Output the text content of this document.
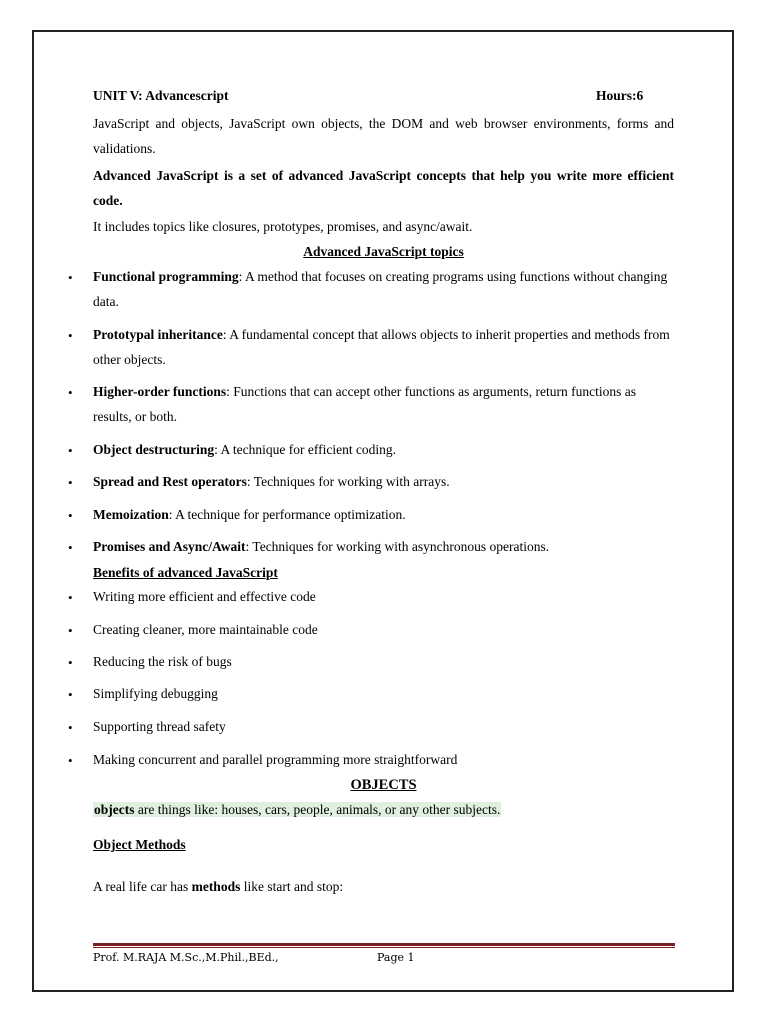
UNIT V: Advancescript	Hours:6
JavaScript and objects, JavaScript own objects, the DOM and web browser environments, forms and validations.
Advanced JavaScript is a set of advanced JavaScript concepts that help you write more efficient code.
It includes topics like closures, prototypes, promises, and async/await.
Advanced JavaScript topics
• Functional programming: A method that focuses on creating programs using functions without changing data.
• Prototypal inheritance: A fundamental concept that allows objects to inherit properties and methods from other objects.
• Higher-order functions: Functions that can accept other functions as arguments, return functions as results, or both.
• Object destructuring: A technique for efficient coding.
• Spread and Rest operators: Techniques for working with arrays.
• Memoization: A technique for performance optimization.
• Promises and Async/Await: Techniques for working with asynchronous operations.
Benefits of advanced JavaScript
• Writing more efficient and effective code
• Creating cleaner, more maintainable code
• Reducing the risk of bugs
• Simplifying debugging
• Supporting thread safety
• Making concurrent and parallel programming more straightforward
OBJECTS
objects are things like: houses, cars, people, animals, or any other subjects.
Object Methods
A real life car has methods like start and stop:
Prof. M.RAJA M.Sc.,M.Phil.,BEd.,	Page 1
